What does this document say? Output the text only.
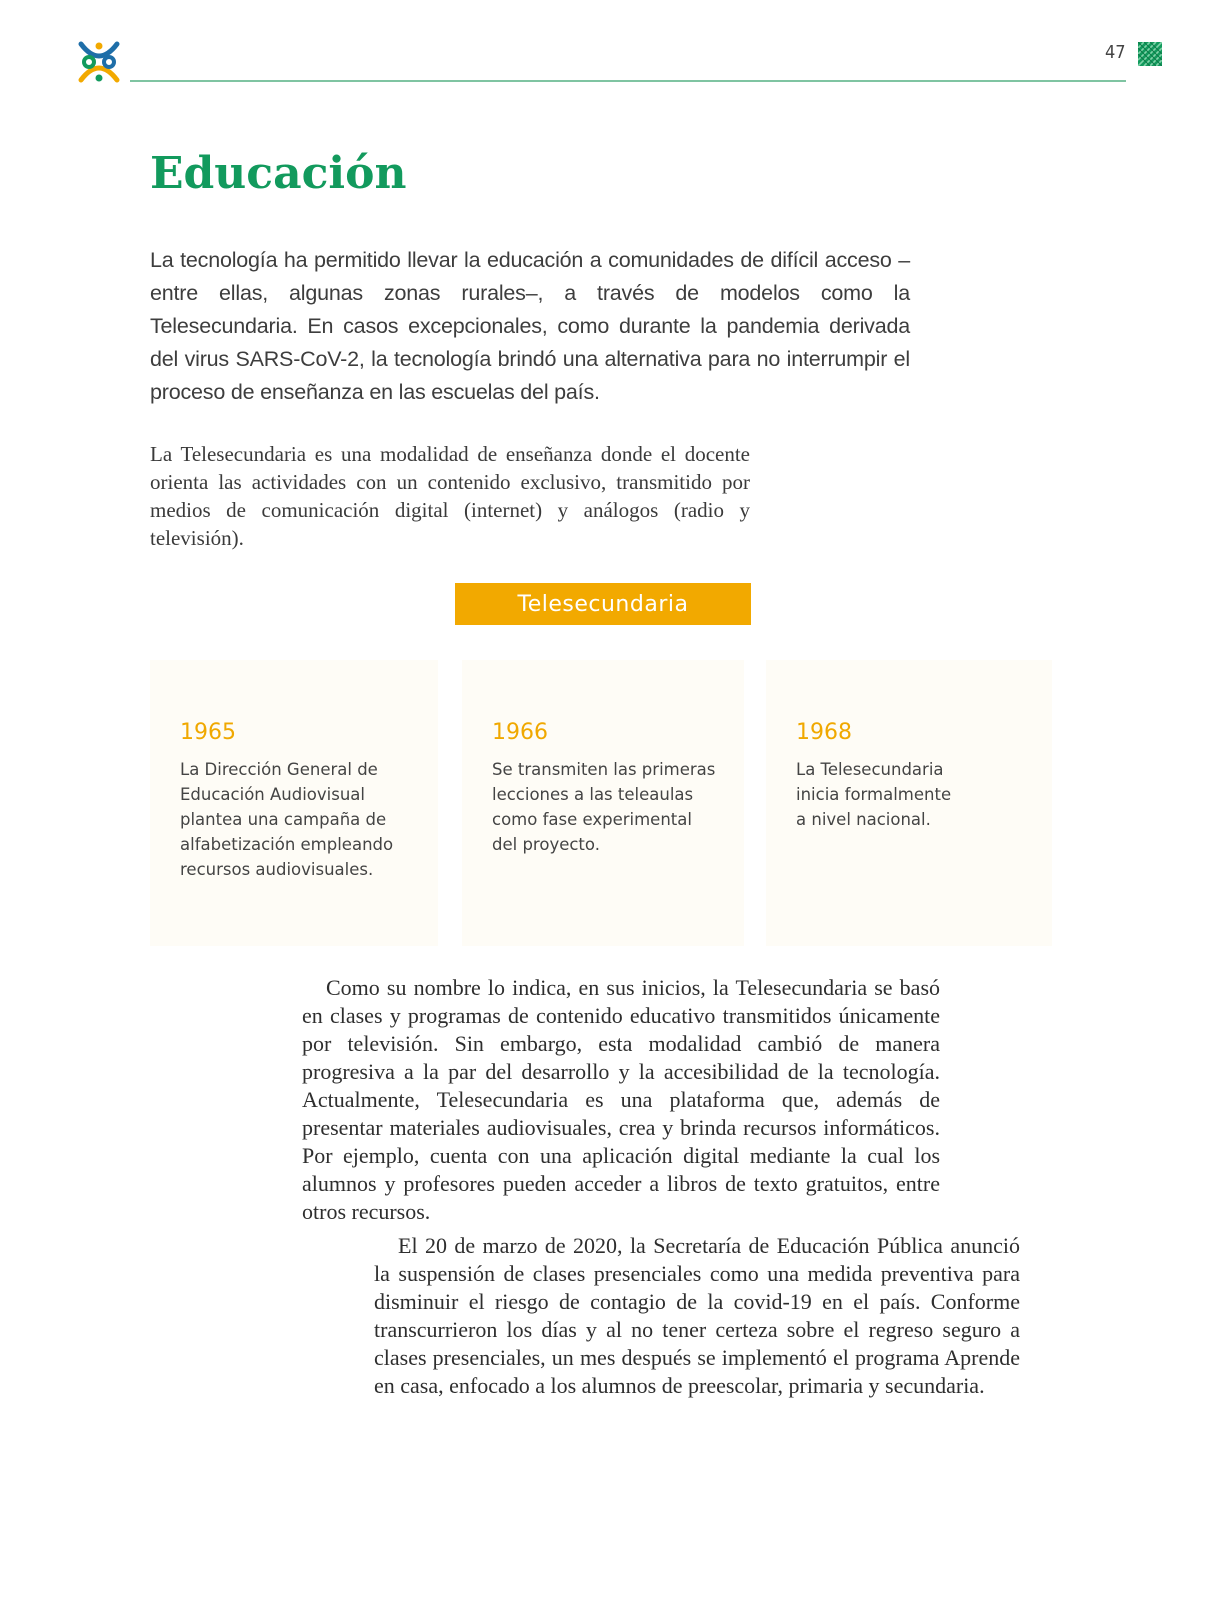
47
Educación

La tecnología ha permitido llevar la educación a comunidades de difícil acceso –entre ellas, algunas zonas rurales–, a través de modelos como la Telesecundaria. En casos excepcionales, como durante la pandemia derivada del virus SARS-CoV-2, la tecnología brindó una alternativa para no interrumpir el proceso de enseñanza en las escuelas del país.

La Telesecundaria es una modalidad de enseñanza donde el docente orienta las actividades con un contenido exclusivo, transmitido por medios de comunicación digital (internet) y análogos (radio y televisión).

Telesecundaria

1965

La Dirección General de
Educación Audiovisual
plantea una campaña de
alfabetización empleando
recursos audiovisuales.

1966

Se transmiten las primeras
lecciones a las teleaulas
como fase experimental
del proyecto.

1968

La Telesecundaria
inicia formalmente
a nivel nacional.

Como su nombre lo indica, en sus inicios, la Telesecundaria se basó en clases y programas de contenido educativo transmitidos únicamente por televisión. Sin embargo, esta modalidad cambió de manera progresiva a la par del desarrollo y la accesibilidad de la tecnología. Actualmente, Telesecundaria es una plataforma que, además de presentar materiales audiovisuales, crea y brinda recursos informáticos. Por ejemplo, cuenta con una aplicación digital mediante la cual los alumnos y profesores pueden acceder a libros de texto gratuitos, entre otros recursos.

El 20 de marzo de 2020, la Secretaría de Educación Pública anunció la suspensión de clases presenciales como una medida preventiva para disminuir el riesgo de contagio de la covid-19 en el país. Conforme transcurrieron los días y al no tener certeza sobre el regreso seguro a clases presenciales, un mes después se implementó el programa Aprende en casa, enfocado a los alumnos de preescolar, primaria y secundaria.
